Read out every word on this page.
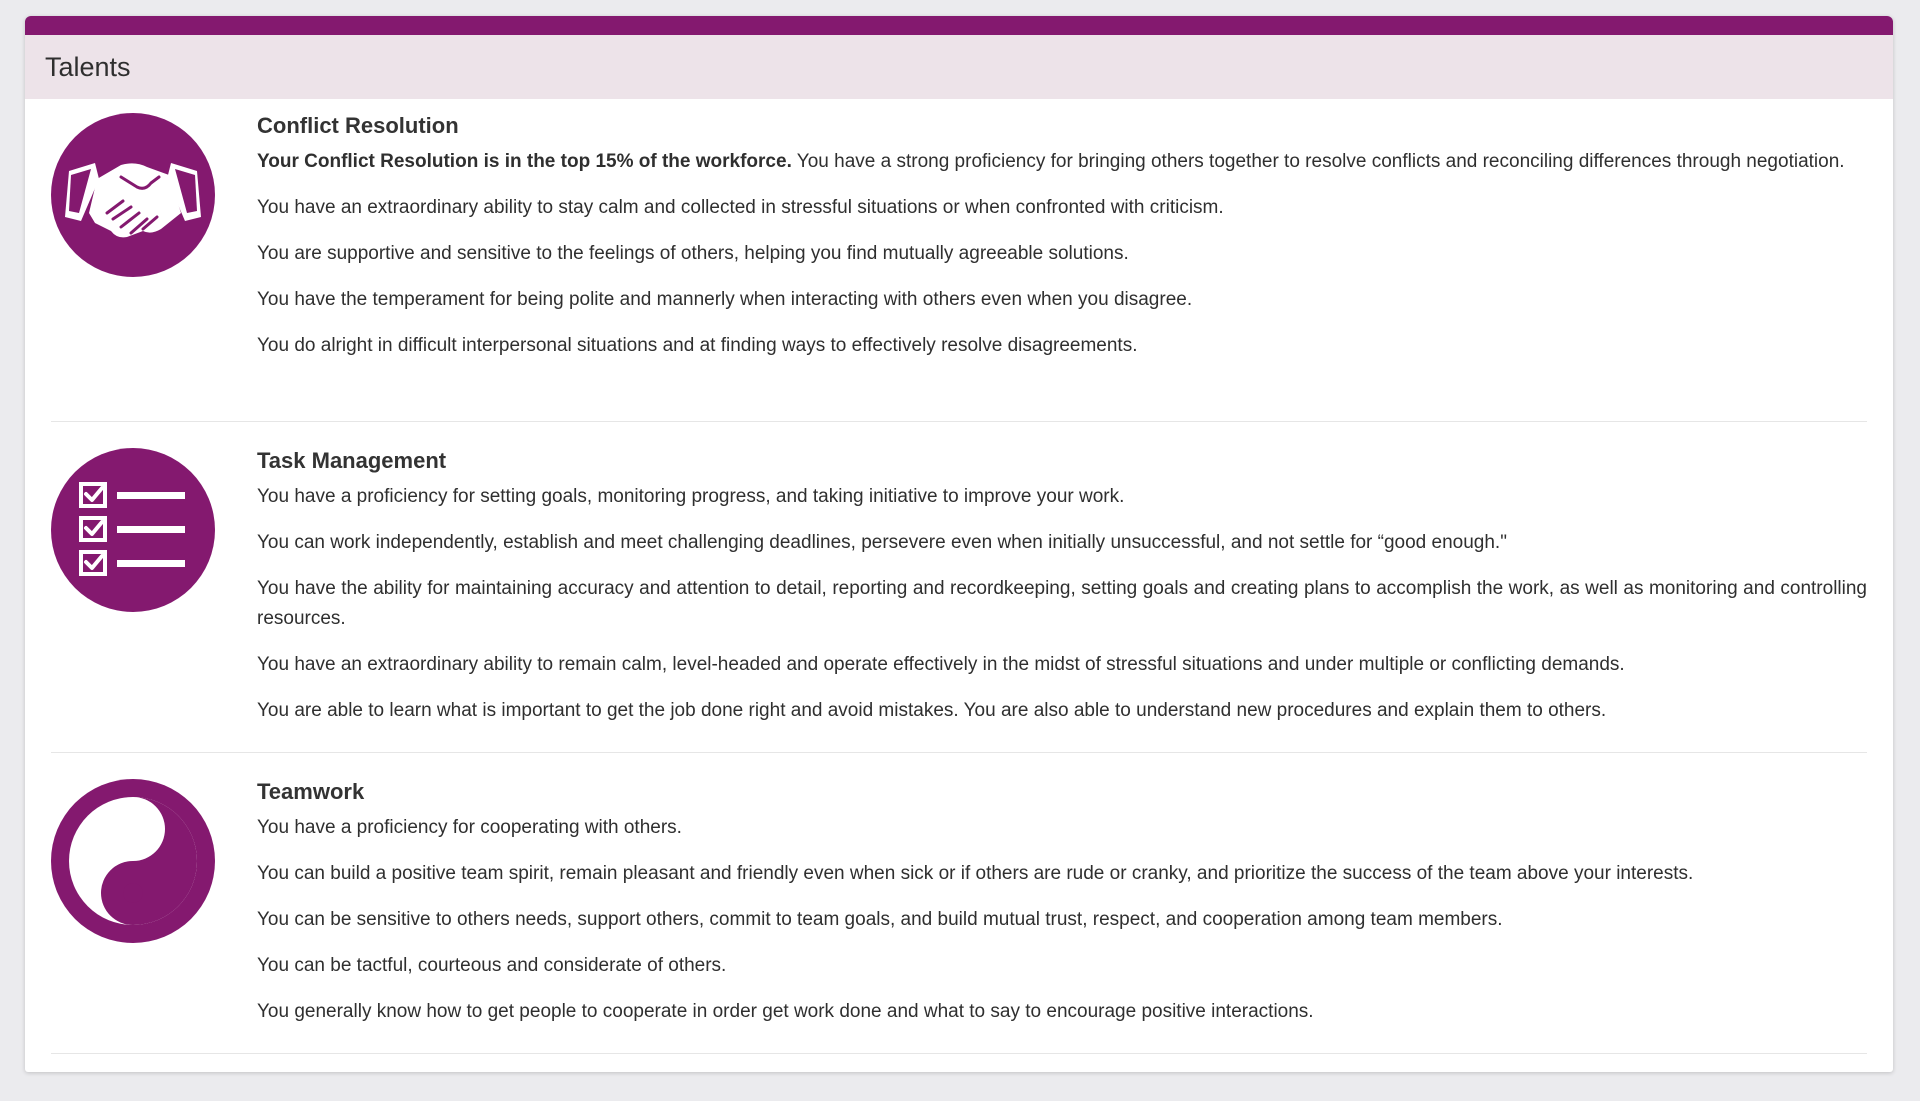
Talents
Conflict Resolution

Your Conflict Resolution is in the top 15% of the workforce. You have a strong proficiency for bringing others together to resolve conflicts and reconciling differences through negotiation.

You have an extraordinary ability to stay calm and collected in stressful situations or when confronted with criticism.

You are supportive and sensitive to the feelings of others, helping you find mutually agreeable solutions.

You have the temperament for being polite and mannerly when interacting with others even when you disagree.

You do alright in difficult interpersonal situations and at finding ways to effectively resolve disagreements.

Task Management

You have a proficiency for setting goals, monitoring progress, and taking initiative to improve your work.

You can work independently, establish and meet challenging deadlines, persevere even when initially unsuccessful, and not settle for “good enough."

You have the ability for maintaining accuracy and attention to detail, reporting and recordkeeping, setting goals and creating plans to accomplish the work, as well as monitoring and controlling resources.

You have an extraordinary ability to remain calm, level-headed and operate effectively in the midst of stressful situations and under multiple or conflicting demands.

You are able to learn what is important to get the job done right and avoid mistakes. You are also able to understand new procedures and explain them to others.

Teamwork

You have a proficiency for cooperating with others.

You can build a positive team spirit, remain pleasant and friendly even when sick or if others are rude or cranky, and prioritize the success of the team above your interests.

You can be sensitive to others needs, support others, commit to team goals, and build mutual trust, respect, and cooperation among team members.

You can be tactful, courteous and considerate of others.

You generally know how to get people to cooperate in order get work done and what to say to encourage positive interactions.
